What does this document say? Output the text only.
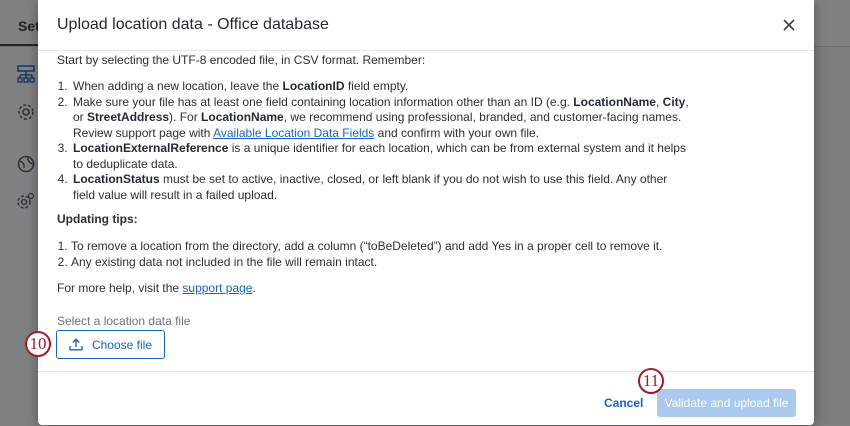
Upload location data - Office database
Start by selecting the UTF-8 encoded file, in CSV format. Remember:
1. When adding a new location, leave the LocationID field empty.
2. Make sure your file has at least one field containing location information other than an ID (e.g. LocationName, City, or StreetAddress). For LocationName, we recommend using professional, branded, and customer-facing names. Review support page with Available Location Data Fields and confirm with your own file.
3. LocationExternalReference is a unique identifier for each location, which can be from external system and it helps to deduplicate data.
4. LocationStatus must be set to active, inactive, closed, or left blank if you do not wish to use this field. Any other field value will result in a failed upload.
Updating tips:
1. To remove a location from the directory, add a column (“toBeDeleted”) and add Yes in a proper cell to remove it.
2. Any existing data not included in the file will remain intact.
For more help, visit the support page.
Select a location data file
Choose file
Cancel	Validate and upload file
10
11
